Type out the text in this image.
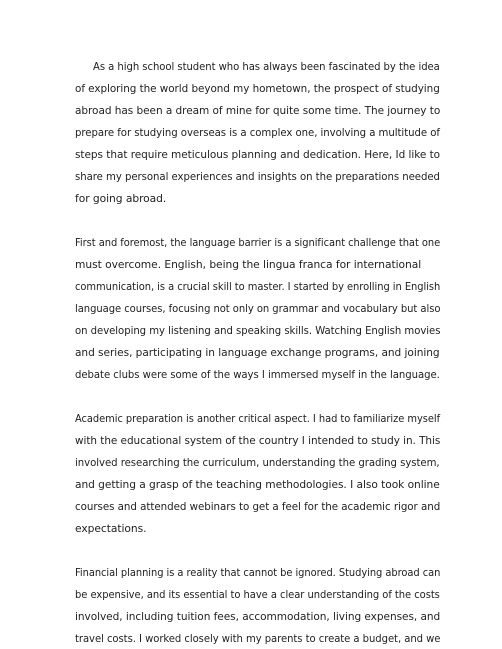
As a high school student who has always been fascinated by the idea

of exploring the world beyond my hometown, the prospect of studying

abroad has been a dream of mine for quite some time. The journey to

prepare for studying overseas is a complex one, involving a multitude of

steps that require meticulous planning and dedication. Here, Id like to

share my personal experiences and insights on the preparations needed

for going abroad.

First and foremost, the language barrier is a significant challenge that one

must overcome. English, being the lingua franca for international

communication, is a crucial skill to master. I started by enrolling in English

language courses, focusing not only on grammar and vocabulary but also

on developing my listening and speaking skills. Watching English movies

and series, participating in language exchange programs, and joining

debate clubs were some of the ways I immersed myself in the language.

Academic preparation is another critical aspect. I had to familiarize myself

with the educational system of the country I intended to study in. This

involved researching the curriculum, understanding the grading system,

and getting a grasp of the teaching methodologies. I also took online

courses and attended webinars to get a feel for the academic rigor and

expectations.

Financial planning is a reality that cannot be ignored. Studying abroad can

be expensive, and its essential to have a clear understanding of the costs

involved, including tuition fees, accommodation, living expenses, and

travel costs. I worked closely with my parents to create a budget, and we
